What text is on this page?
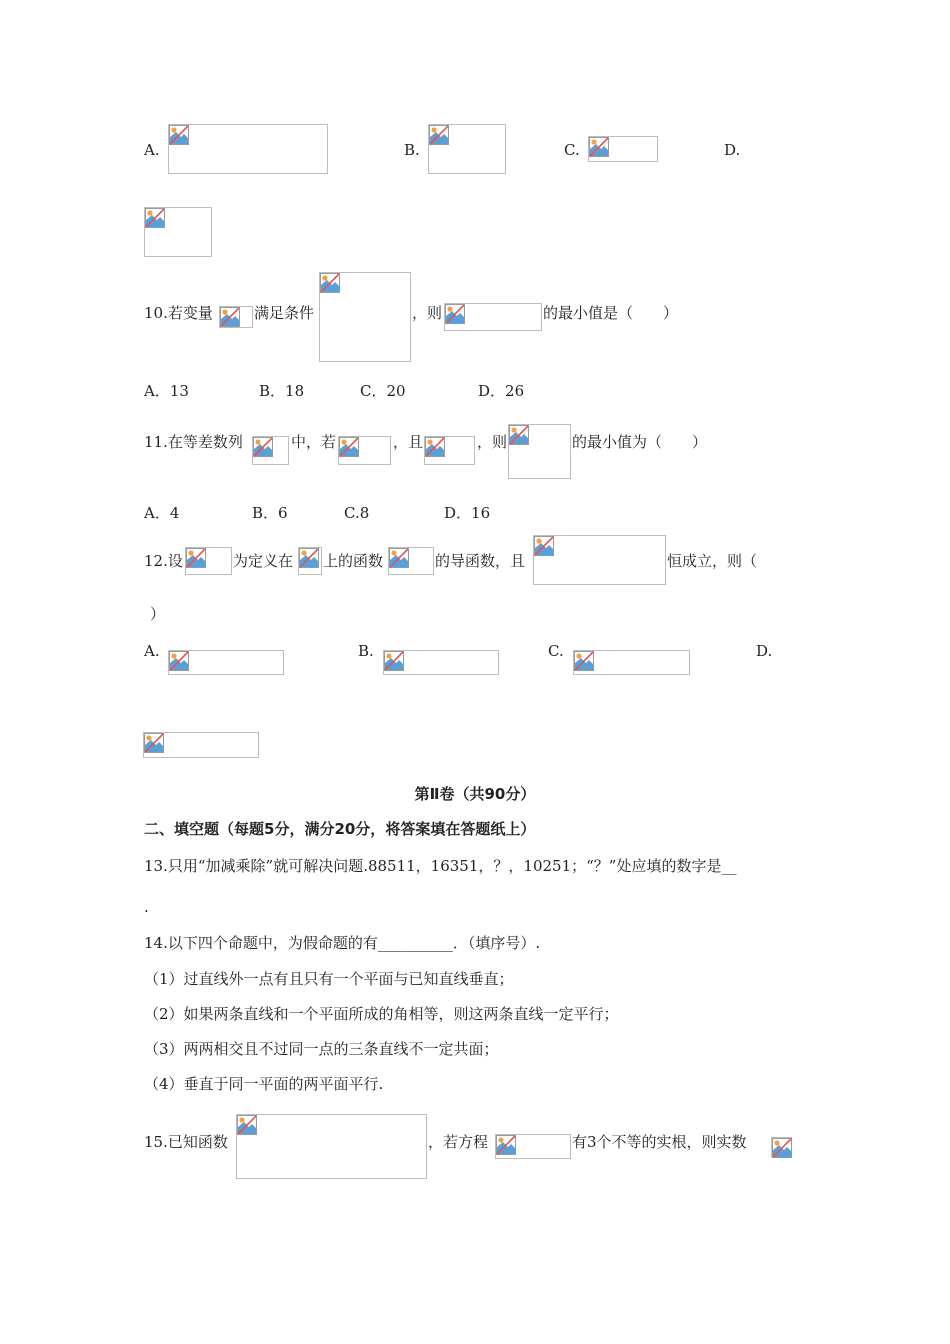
A.	B.	C.	D.
10.若变量	满足条件	，则	的最小值是（　　）
A．13	B．18	C．20	D．26
11.在等差数列	中，若	，且	，则	的最小值为（　　）
A．4	B．6	C.8	D．16
12.设	为定义在 上的函数	的导函数，且	恒成立，则（
）
A.	B.	C.	D.
第Ⅱ卷（共90分）
二、填空题（每题5分，满分20分，将答案填在答题纸上）
13.只用“加减乘除”就可解决问题.88511，16351，？，10251；“？”处应填的数字是__
.
14.以下四个命题中，为假命题的有__________．（填序号）.
（1）过直线外一点有且只有一个平面与已知直线垂直；
（2）如果两条直线和一个平面所成的角相等，则这两条直线一定平行；
（3）两两相交且不过同一点的三条直线不一定共面；
（4）垂直于同一平面的两平面平行.
15.已知函数	，若方程	有3个不等的实根，则实数
